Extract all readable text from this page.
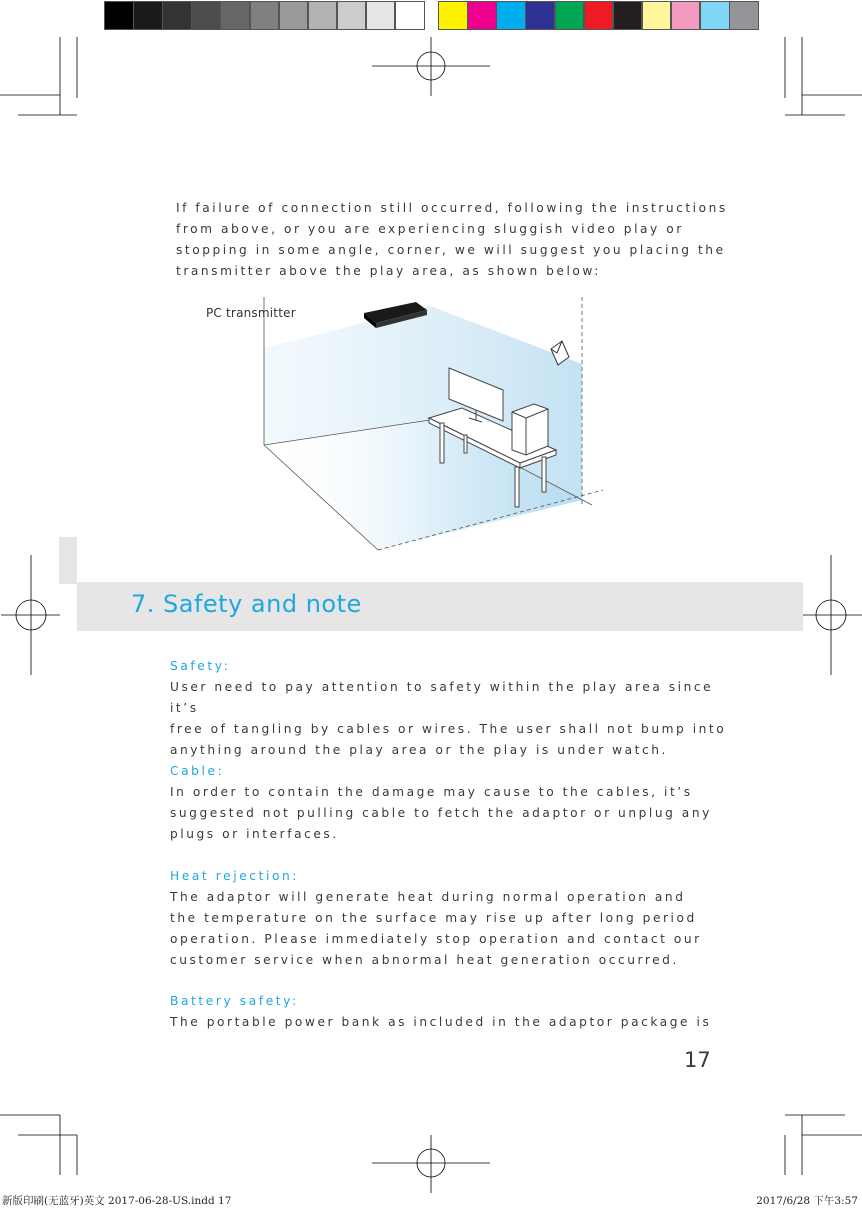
If failure of connection still occurred, following the instructions
from above, or you are experiencing sluggish video play or
stopping in some angle, corner, we will suggest you placing the
transmitter above the play area, as shown below:
PC transmitter
7. Safety and note
Safety:
User need to pay attention to safety within the play area since it’s
free of tangling by cables or wires. The user shall not bump into
anything around the play area or the play is under watch.
Cable:
In order to contain the damage may cause to the cables, it’s
suggested not pulling cable to fetch the adaptor or unplug any
plugs or interfaces.
Heat rejection:
The adaptor will generate heat during normal operation and
the temperature on the surface may rise up after long period
operation. Please immediately stop operation and contact our
customer service when abnormal heat generation occurred.
Battery safety:
The portable power bank as included in the adaptor package is
17
新版印刷(无蓝牙)英文 2017-06-28-US.indd 17	2017/6/28 下午3:57
